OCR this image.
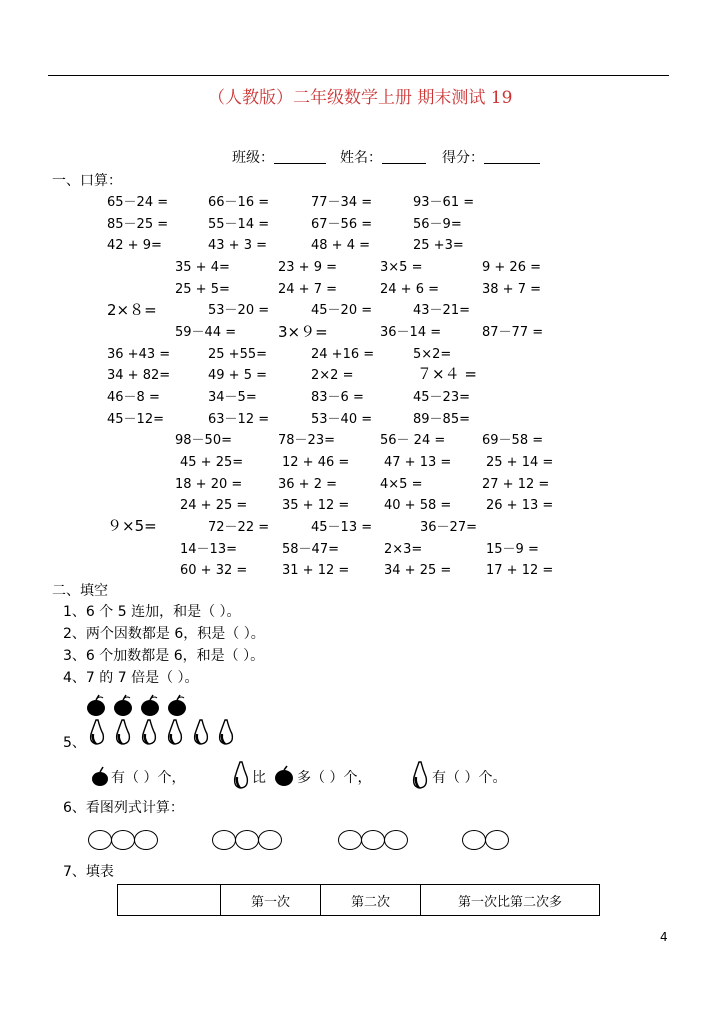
（人教版）二年级数学上册 期末测试 19
班级：	姓名：	得分：
一、口算：
65－24 =	66－16 =	77－34 =	93－61 =
85－25 =	55－14 =	67－56 =	56－9=
42 + 9=	43 + 3 =	48 + 4 =	25 +3=
35 + 4=	23 + 9 =	3×5 =	9 + 26 =
25 + 5=	24 + 7 =	24 + 6 =	38 + 7 =
2×８=	53－20 =	45－20 =	43－21=
59－44 =	3×９=	36－14 =	87－77 =
36 +43 =	25 +55=	24 +16 =	5×2=
34 + 82=	49 + 5 =	2×2 =	７×４ =
46－8 =	34－5=	83－6 =	45－23=
45－12=	63－12 =	53－40 =	89－85=
98－50=	78－23=	56－ 24 =	69－58 =
45 + 25=	12 + 46 =	47 + 13 =	25 + 14 =
18 + 20 =	36 + 2 =	4×5 =	27 + 12 =
24 + 25 =	35 + 12 =	40 + 58 =	26 + 13 =
９×5=	72－22 =	45－13 =	36－27=
14－13=	58－47=	2×3=	15－9 =
60 + 32 =	31 + 12 =	34 + 25 =	17 + 12 =
二、填空
1、6 个 5 连加，和是（ ）。
2、两个因数都是 6，积是（ ）。
3、6 个加数都是 6，和是（ ）。
4、7 的 7 倍是（ ）。
5、
有（ ）个，	比 多（ ）个，	有（ ）个。
6、看图列式计算：
7、填表
	第一次	第二次	第一次比第二次多
4
